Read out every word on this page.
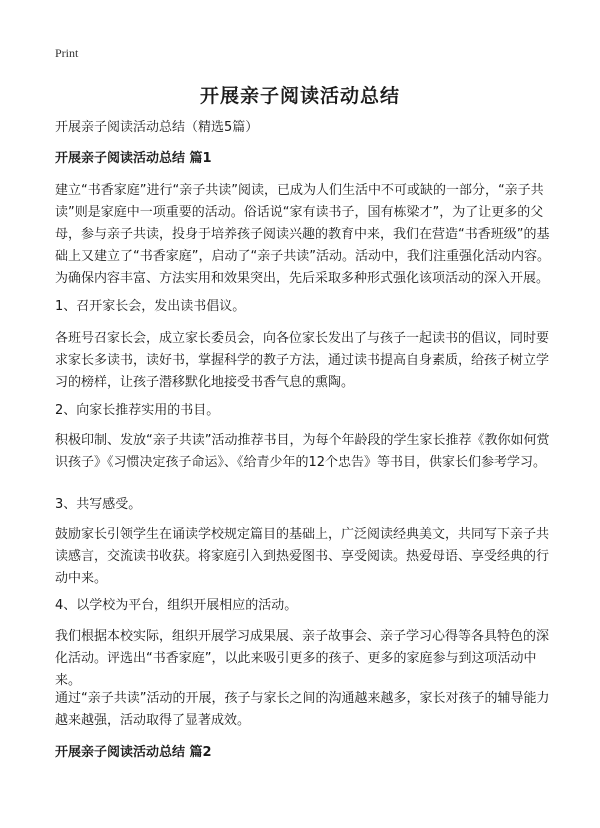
Print
开展亲子阅读活动总结

开展亲子阅读活动总结（精选5篇）

开展亲子阅读活动总结 篇1

建立“书香家庭”进行“亲子共读”阅读，已成为人们生活中不可或缺的一部分，“亲子共读”则是家庭中一项重要的活动。俗话说“家有读书子，国有栋梁才”，为了让更多的父母，参与亲子共读，投身于培养孩子阅读兴趣的教育中来，我们在营造“书香班级”的基础上又建立了“书香家庭”，启动了“亲子共读”活动。活动中，我们注重强化活动内容。为确保内容丰富、方法实用和效果突出，先后采取多种形式强化该项活动的深入开展。

1、召开家长会，发出读书倡议。

各班号召家长会，成立家长委员会，向各位家长发出了与孩子一起读书的倡议，同时要求家长多读书，读好书，掌握科学的教子方法，通过读书提高自身素质，给孩子树立学习的榜样，让孩子潜移默化地接受书香气息的熏陶。

2、向家长推荐实用的书目。

积极印制、发放“亲子共读”活动推荐书目，为每个年龄段的学生家长推荐《教你如何赏识孩子》《习惯决定孩子命运》、《给青少年的12个忠告》等书目，供家长们参考学习。

3、共写感受。

鼓励家长引领学生在诵读学校规定篇目的基础上，广泛阅读经典美文，共同写下亲子共读感言，交流读书收获。将家庭引入到热爱图书、享受阅读。热爱母语、享受经典的行动中来。

4、以学校为平台，组织开展相应的活动。

我们根据本校实际，组织开展学习成果展、亲子故事会、亲子学习心得等各具特色的深化活动。评选出“书香家庭”，以此来吸引更多的孩子、更多的家庭参与到这项活动中来。

通过“亲子共读”活动的开展，孩子与家长之间的沟通越来越多，家长对孩子的辅导能力越来越强，活动取得了显著成效。

开展亲子阅读活动总结 篇2
